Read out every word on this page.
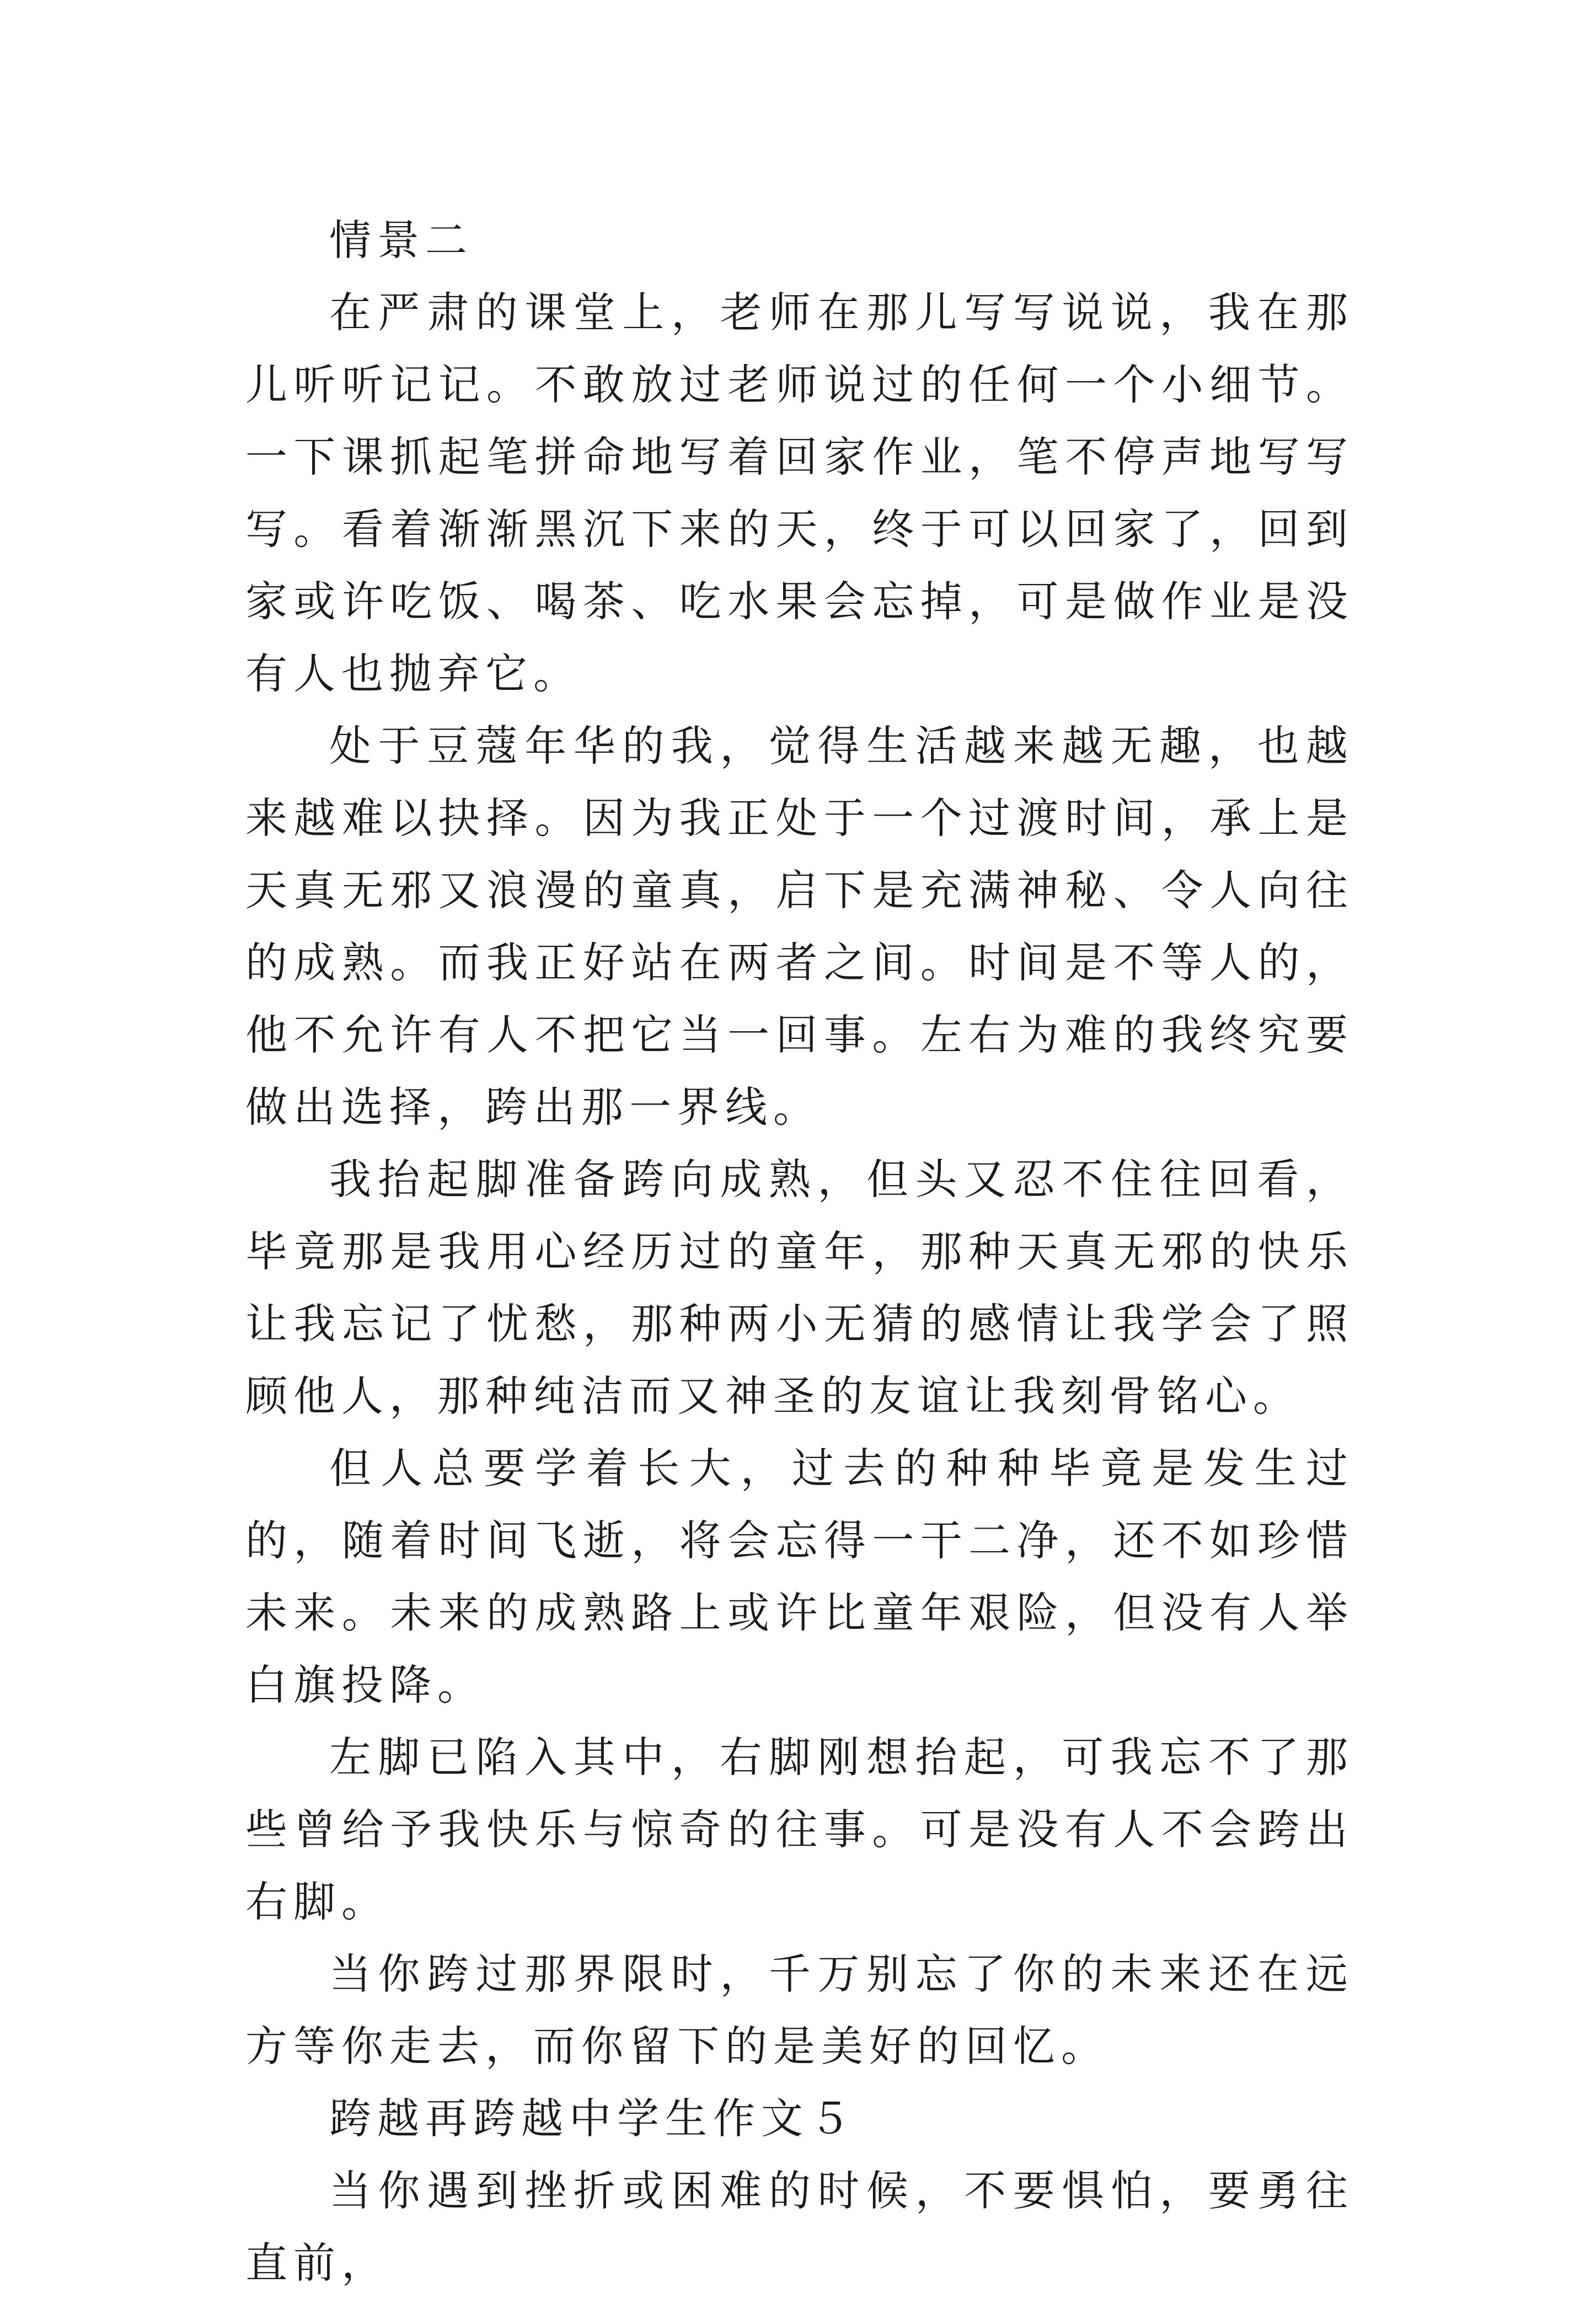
情景二

在严肃的课堂上，老师在那儿写写说说，我在那儿听听记记。不敢放过老师说过的任何一个小细节。一下课抓起笔拼命地写着回家作业，笔不停声地写写写。看着渐渐黑沉下来的天，终于可以回家了，回到家或许吃饭、喝茶、吃水果会忘掉，可是做作业是没有人也抛弃它。

处于豆蔻年华的我，觉得生活越来越无趣，也越来越难以抉择。因为我正处于一个过渡时间，承上是天真无邪又浪漫的童真，启下是充满神秘、令人向往的成熟。而我正好站在两者之间。时间是不等人的，他不允许有人不把它当一回事。左右为难的我终究要做出选择，跨出那一界线。

我抬起脚准备跨向成熟，但头又忍不住往回看，毕竟那是我用心经历过的童年，那种天真无邪的快乐让我忘记了忧愁，那种两小无猜的感情让我学会了照顾他人，那种纯洁而又神圣的友谊让我刻骨铭心。

但人总要学着长大，过去的种种毕竟是发生过的，随着时间飞逝，将会忘得一干二净，还不如珍惜未来。未来的成熟路上或许比童年艰险，但没有人举白旗投降。

左脚已陷入其中，右脚刚想抬起，可我忘不了那些曾给予我快乐与惊奇的往事。可是没有人不会跨出右脚。

当你跨过那界限时，千万别忘了你的未来还在远方等你走去，而你留下的是美好的回忆。

跨越再跨越中学生作文５

当你遇到挫折或困难的时候，不要惧怕，要勇往直前，
